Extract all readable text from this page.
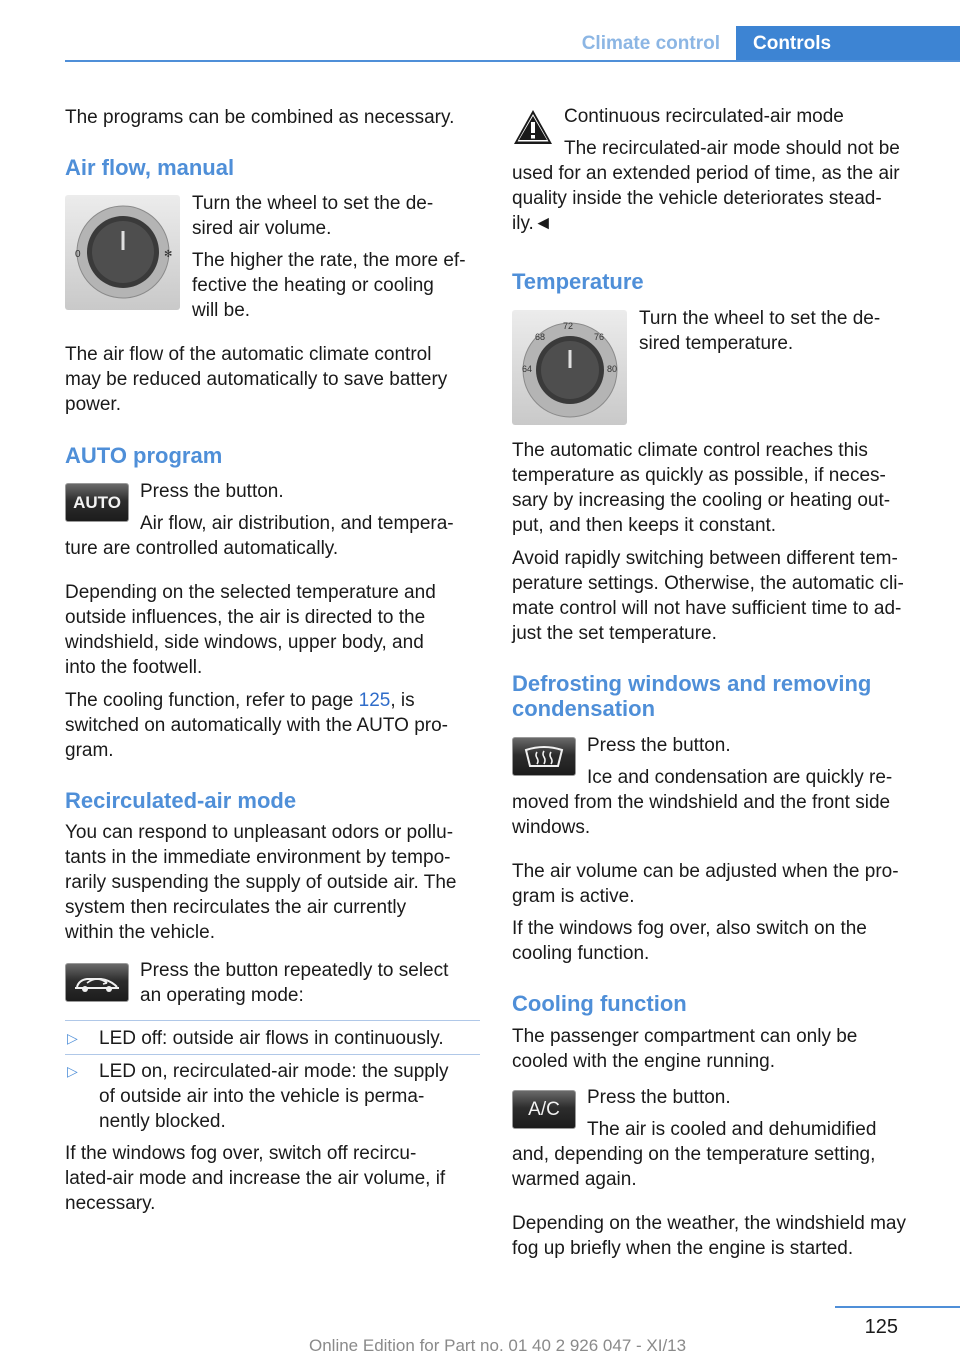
Climate control	Controls
The programs can be combined as necessary.
Air flow, manual
0	✻
Turn the wheel to set the de-
sired air volume.
The higher the rate, the more ef-
fective the heating or cooling
will be.
The air flow of the automatic climate control
may be reduced automatically to save battery
power.
AUTO program
AUTO	Press the button.
Air flow, air distribution, and tempera-
ture are controlled automatically.
Depending on the selected temperature and
outside influences, the air is directed to the
windshield, side windows, upper body, and
into the footwell.
The cooling function, refer to page 125, is
switched on automatically with the AUTO pro-
gram.
Recirculated-air mode
You can respond to unpleasant odors or pollu-
tants in the immediate environment by tempo-
rarily suspending the supply of outside air. The
system then recirculates the air currently
within the vehicle.
Press the button repeatedly to select
an operating mode:
▷ LED off: outside air flows in continuously.
▷ LED on, recirculated-air mode: the supply
of outside air into the vehicle is perma-
nently blocked.
If the windows fog over, switch off recircu-
lated-air mode and increase the air volume, if
necessary.
Continuous recirculated-air mode
The recirculated-air mode should not be
used for an extended period of time, as the air
quality inside the vehicle deteriorates stead-
ily.◄
Temperature
64
68
72
76
80
Turn the wheel to set the de-
sired temperature.
The automatic climate control reaches this
temperature as quickly as possible, if neces-
sary by increasing the cooling or heating out-
put, and then keeps it constant.
Avoid rapidly switching between different tem-
perature settings. Otherwise, the automatic cli-
mate control will not have sufficient time to ad-
just the set temperature.
Defrosting windows and removing
condensation
Press the button.
Ice and condensation are quickly re-
moved from the windshield and the front side
windows.
The air volume can be adjusted when the pro-
gram is active.
If the windows fog over, also switch on the
cooling function.
Cooling function
The passenger compartment can only be
cooled with the engine running.
A/C
Press the button.
The air is cooled and dehumidified
and, depending on the temperature setting,
warmed again.
Depending on the weather, the windshield may
fog up briefly when the engine is started.
125
Online Edition for Part no. 01 40 2 926 047 - XI/13
